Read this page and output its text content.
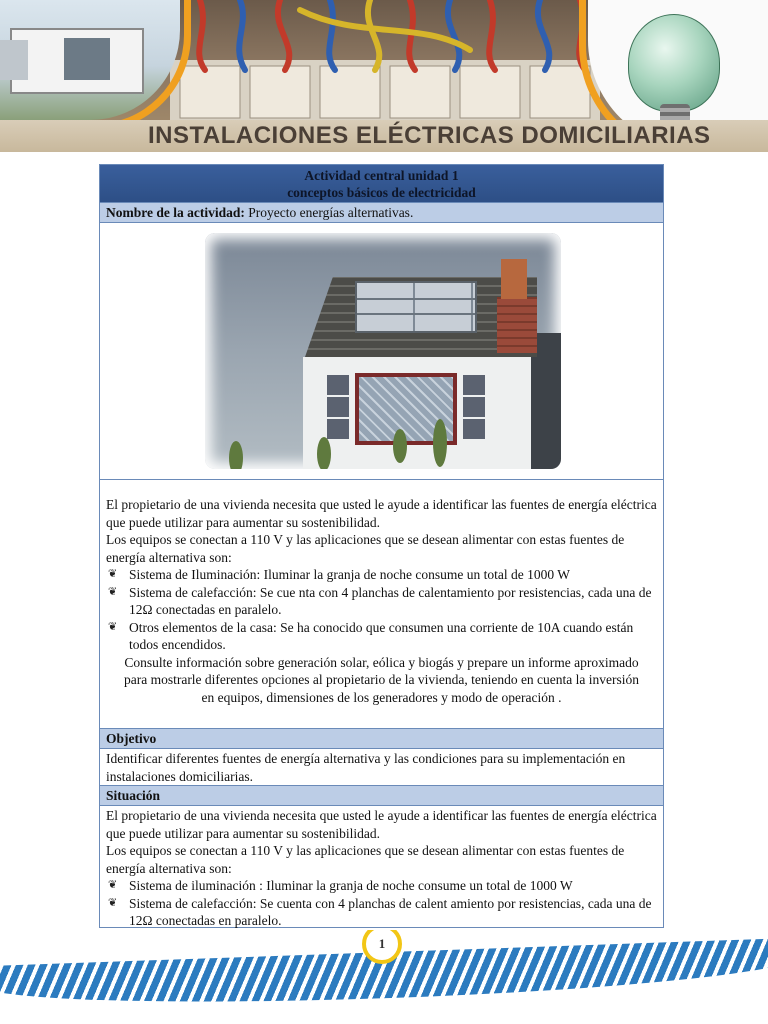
INSTALACIONES ELÉCTRICAS DOMICILIARIAS
Actividad central unidad 1
conceptos básicos de electricidad
Nombre de la actividad: Proyecto energías alternativas.

El propietario de una vivienda necesita que usted le ayude a identificar las fuentes de energía eléctrica que puede utilizar para aumentar su sostenibilidad.

Los equipos se conectan a 110 V y las aplicaciones que se desean alimentar con estas fuentes de energía alternativa son:

❦ Sistema de Iluminación: Iluminar la granja de noche consume un total de 1000 W

❦ Sistema de calefacción: Se cue nta con 4 planchas de calentamiento por resistencias, cada una de 12Ω conectadas en paralelo.

❦ Otros elementos de la casa: Se ha conocido que consumen una corriente de 10A cuando están todos encendidos.

Consulte información sobre generación solar, eólica y biogás y prepare un informe aproximado para mostrarle diferentes opciones al propietario de la vivienda, teniendo en cuenta la inversión en equipos, dimensiones de los generadores y modo de operación .

Objetivo

Identificar diferentes fuentes de energía alternativa y las condiciones para su implementación en instalaciones domiciliarias.

Situación

El propietario de una vivienda necesita que usted le ayude a identificar las fuentes de energía eléctrica que puede utilizar para aumentar su sostenibilidad.

Los equipos se conectan a 110 V y las aplicaciones que se desean alimentar con estas fuentes de energía alternativa son:

❦ Sistema de iluminación : Iluminar la granja de noche consume un total de 1000 W

❦ Sistema de calefacción: Se cuenta con 4 planchas de calent amiento por resistencias, cada una de 12Ω conectadas en paralelo.

1
